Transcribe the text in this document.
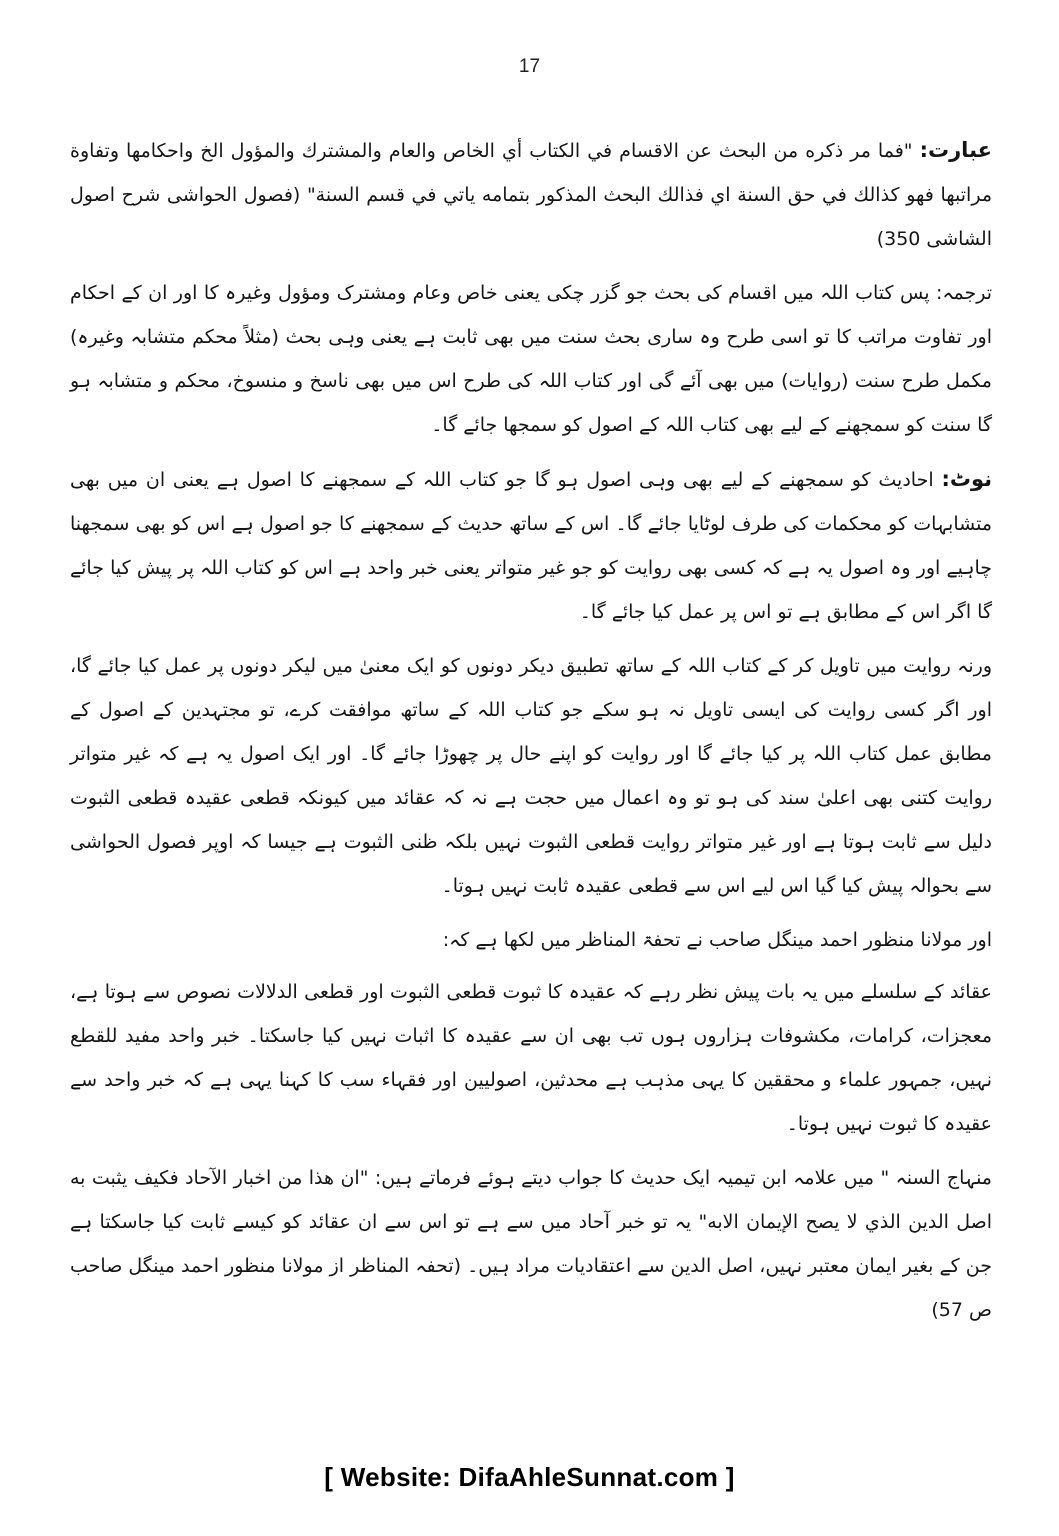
17

عبارت: "فما مر ذكره من البحث عن الاقسام في الكتاب أي الخاص والعام والمشترك والمؤول الخ واحكامها وتفاوة مراتبها فهو كذالك في حق السنة اي فذالك البحث المذكور بتمامه ياتي في قسم السنة" (فصول الحواشی شرح اصول الشاشی 350)

ترجمہ: پس کتاب اللہ میں اقسام کی بحث جو گزر چکی یعنی خاص وعام ومشترک ومؤول وغیرہ کا اور ان کے احکام اور تفاوت مراتب کا تو اسی طرح وہ ساری بحث سنت میں بھی ثابت ہے یعنی وہی بحث (مثلاً محکم متشابہ وغیرہ) مکمل طرح سنت (روایات) میں بھی آئے گی اور کتاب اللہ کی طرح اس میں بھی ناسخ و منسوخ، محکم و متشابہ ہو گا سنت کو سمجھنے کے لیے بھی کتاب اللہ کے اصول کو سمجھا جائے گا۔

نوٹ: احادیث کو سمجھنے کے لیے بھی وہی اصول ہو گا جو کتاب اللہ کے سمجھنے کا اصول ہے یعنی ان میں بھی متشابہات کو محکمات کی طرف لوٹایا جائے گا۔ اس کے ساتھ حدیث کے سمجھنے کا جو اصول ہے اس کو بھی سمجھنا چاہیے اور وہ اصول یہ ہے کہ کسی بھی روایت کو جو غیر متواتر یعنی خبر واحد ہے اس کو کتاب اللہ پر پیش کیا جائے گا اگر اس کے مطابق ہے تو اس پر عمل کیا جائے گا۔

ورنہ روایت میں تاویل کر کے کتاب اللہ کے ساتھ تطبیق دیکر دونوں کو ایک معنیٰ میں لیکر دونوں پر عمل کیا جائے گا، اور اگر کسی روایت کی ایسی تاویل نہ ہو سکے جو کتاب اللہ کے ساتھ موافقت کرے، تو مجتہدین کے اصول کے مطابق عمل کتاب اللہ پر کیا جائے گا اور روایت کو اپنے حال پر چھوڑا جائے گا۔ اور ایک اصول یہ ہے کہ غیر متواتر روایت کتنی بھی اعلیٰ سند کی ہو تو وہ اعمال میں حجت ہے نہ کہ عقائد میں کیونکہ قطعی عقیدہ قطعی الثبوت دلیل سے ثابت ہوتا ہے اور غیر متواتر روایت قطعی الثبوت نہیں بلکہ ظنی الثبوت ہے جیسا کہ اوپر فصول الحواشی سے بحوالہ پیش کیا گیا اس لیے اس سے قطعی عقیدہ ثابت نہیں ہوتا۔

اور مولانا منظور احمد مینگل صاحب نے تحفۃ المناظر میں لکھا ہے کہ:

عقائد کے سلسلے میں یہ بات پیش نظر رہے کہ عقیدہ کا ثبوت قطعی الثبوت اور قطعی الدلالات نصوص سے ہوتا ہے، معجزات، کرامات، مکشوفات ہزاروں ہوں تب بھی ان سے عقیدہ کا اثبات نہیں کیا جاسکتا۔ خبر واحد مفید للقطع نہیں، جمہور علماء و محققین کا یہی مذہب ہے محدثین، اصولیین اور فقہاء سب کا کہنا یہی ہے کہ خبر واحد سے عقیدہ کا ثبوت نہیں ہوتا۔

منہاج السنہ " میں علامہ ابن تیمیہ ایک حدیث کا جواب دیتے ہوئے فرماتے ہیں: "ان هذا من اخبار الآحاد فكيف يثبت به اصل الدين الذي لا يصح الإيمان الابه" یہ تو خبر آحاد میں سے ہے تو اس سے ان عقائد کو کیسے ثابت کیا جاسکتا ہے جن کے بغیر ایمان معتبر نہیں، اصل الدین سے اعتقادیات مراد ہیں۔ (تحفہ المناظر از مولانا منظور احمد مینگل صاحب ص 57)

[ Website: DifaAhleSunnat.com ]
